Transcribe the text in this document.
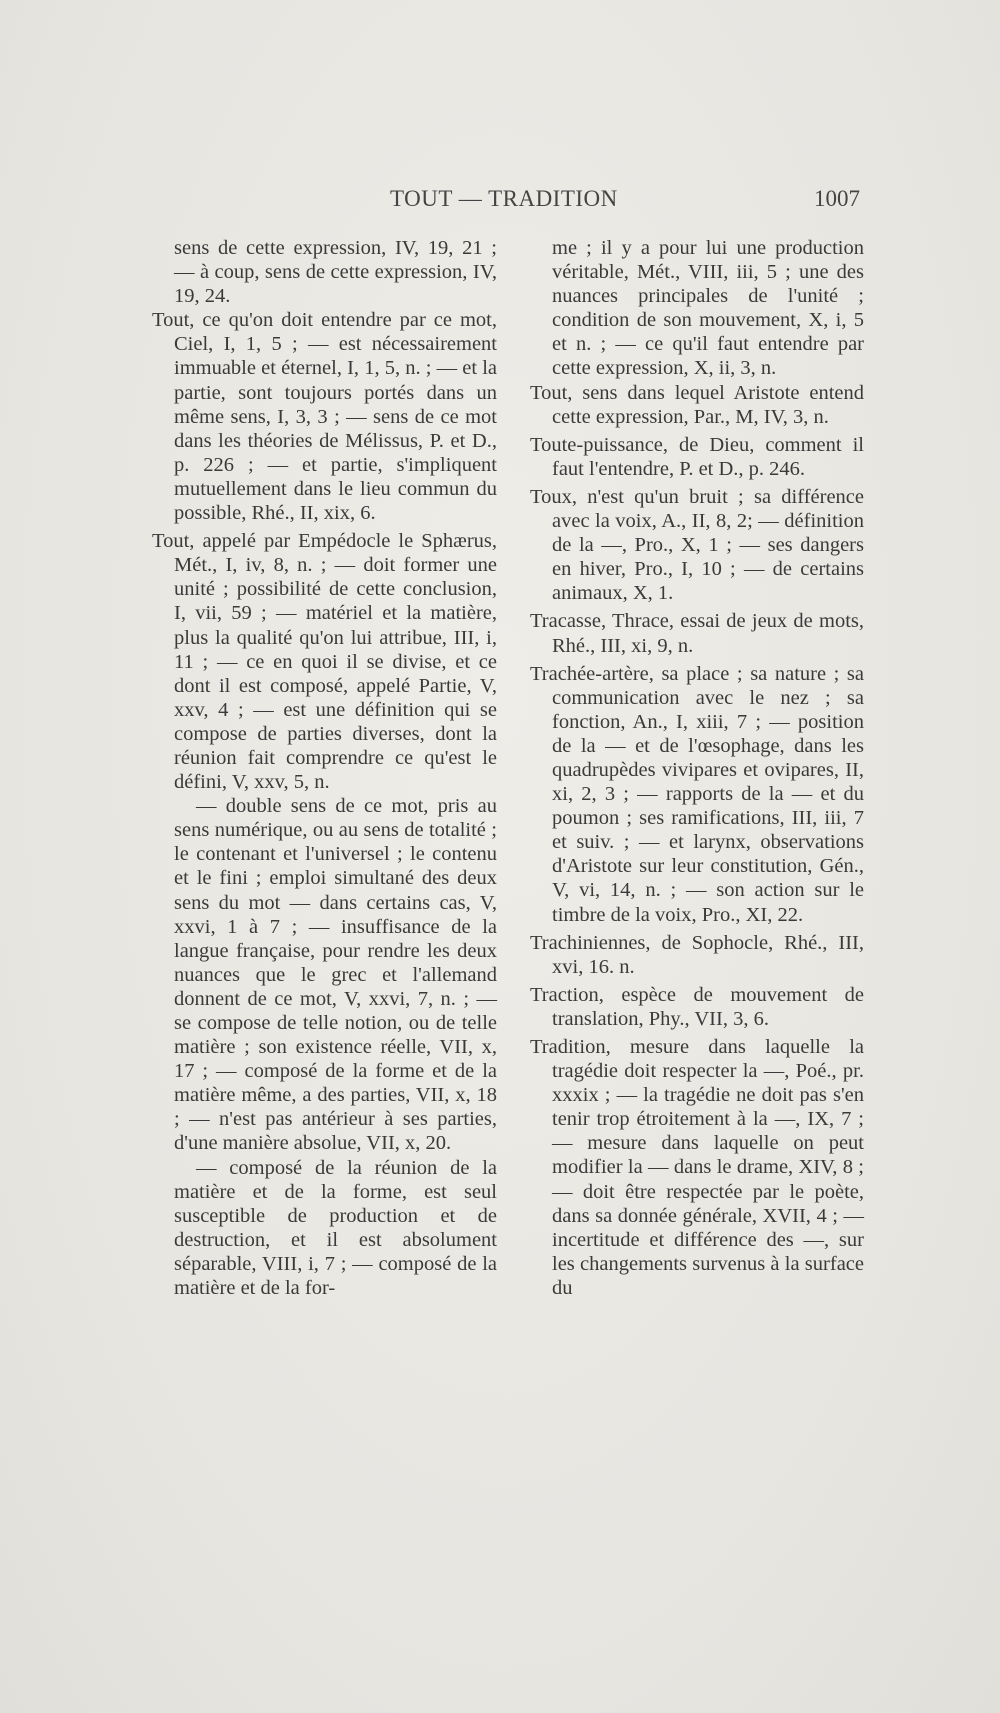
TOUT — TRADITION	1007

sens de cette expression, IV, 19, 21 ; — à coup, sens de cette expression, IV, 19, 24.

Tout, ce qu'on doit entendre par ce mot, Ciel, I, 1, 5 ; — est nécessairement immuable et éternel, I, 1, 5, n. ; — et la partie, sont toujours portés dans un même sens, I, 3, 3 ; — sens de ce mot dans les théories de Mélissus, P. et D., p. 226 ; — et partie, s'impliquent mutuellement dans le lieu commun du possible, Rhé., II, xix, 6.

Tout, appelé par Empédocle le Sphærus, Mét., I, iv, 8, n. ; — doit former une unité ; possibilité de cette conclusion, I, vii, 59 ; — matériel et la matière, plus la qualité qu'on lui attribue, III, i, 11 ; — ce en quoi il se divise, et ce dont il est composé, appelé Partie, V, xxv, 4 ; — est une définition qui se compose de parties diverses, dont la réunion fait comprendre ce qu'est le défini, V, xxv, 5, n.

— double sens de ce mot, pris au sens numérique, ou au sens de totalité ; le contenant et l'universel ; le contenu et le fini ; emploi simultané des deux sens du mot — dans certains cas, V, xxvi, 1 à 7 ; — insuffisance de la langue française, pour rendre les deux nuances que le grec et l'allemand donnent de ce mot, V, xxvi, 7, n. ; — se compose de telle notion, ou de telle matière ; son existence réelle, VII, x, 17 ; — composé de la forme et de la matière même, a des parties, VII, x, 18 ; — n'est pas antérieur à ses parties, d'une manière absolue, VII, x, 20.

— composé de la réunion de la matière et de la forme, est seul susceptible de production et de destruction, et il est absolument séparable, VIII, i, 7 ; — composé de la matière et de la for-

me ; il y a pour lui une production véritable, Mét., VIII, iii, 5 ; une des nuances principales de l'unité ; condition de son mouvement, X, i, 5 et n. ; — ce qu'il faut entendre par cette expression, X, ii, 3, n.

Tout, sens dans lequel Aristote entend cette expression, Par., M, IV, 3, n.

Toute-puissance, de Dieu, comment il faut l'entendre, P. et D., p. 246.

Toux, n'est qu'un bruit ; sa différence avec la voix, A., II, 8, 2; — définition de la —, Pro., X, 1 ; — ses dangers en hiver, Pro., I, 10 ; — de certains animaux, X, 1.

Tracasse, Thrace, essai de jeux de mots, Rhé., III, xi, 9, n.

Trachée-artère, sa place ; sa nature ; sa communication avec le nez ; sa fonction, An., I, xiii, 7 ; — position de la — et de l'œsophage, dans les quadrupèdes vivipares et ovipares, II, xi, 2, 3 ; — rapports de la — et du poumon ; ses ramifications, III, iii, 7 et suiv. ; — et larynx, observations d'Aristote sur leur constitution, Gén., V, vi, 14, n. ; — son action sur le timbre de la voix, Pro., XI, 22.

Trachiniennes, de Sophocle, Rhé., III, xvi, 16. n.

Traction, espèce de mouvement de translation, Phy., VII, 3, 6.

Tradition, mesure dans laquelle la tragédie doit respecter la —, Poé., pr. xxxix ; — la tragédie ne doit pas s'en tenir trop étroitement à la —, IX, 7 ; — mesure dans laquelle on peut modifier la — dans le drame, XIV, 8 ; — doit être respectée par le poète, dans sa donnée générale, XVII, 4 ; — incertitude et différence des —, sur les changements survenus à la surface du
